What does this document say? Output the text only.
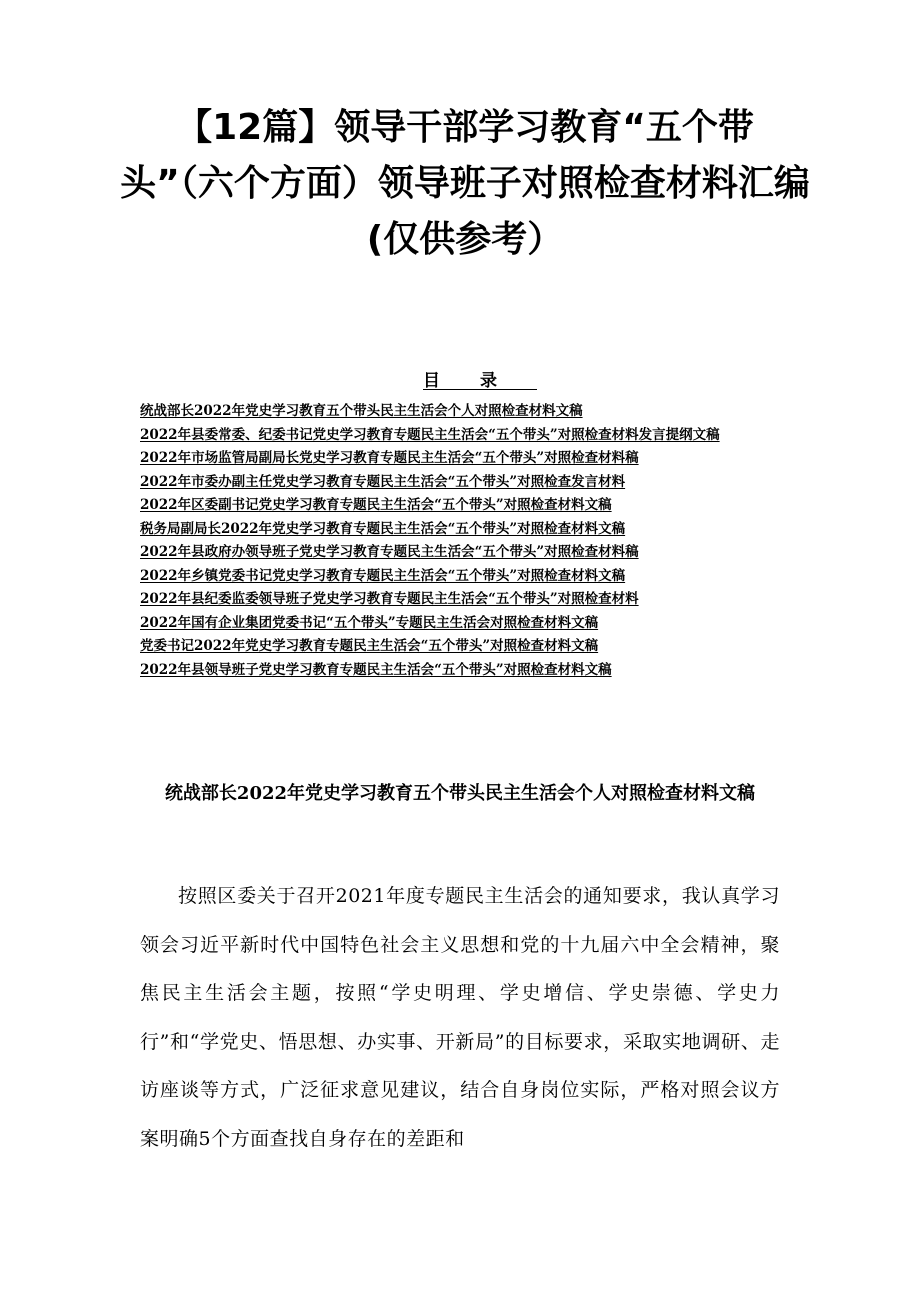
【12篇】领导干部学习教育“五个带头”（六个方面）领导班子对照检查材料汇编(仅供参考）
目录
统战部长2022年党史学习教育五个带头民主生活会个人对照检查材料文稿
2022年县委常委、纪委书记党史学习教育专题民主生活会“五个带头”对照检查材料发言提纲文稿
2022年市场监管局副局长党史学习教育专题民主生活会“五个带头”对照检查材料稿
2022年市委办副主任党史学习教育专题民主生活会“五个带头”对照检查发言材料
2022年区委副书记党史学习教育专题民主生活会“五个带头”对照检查材料文稿
税务局副局长2022年党史学习教育专题民主生活会“五个带头”对照检查材料文稿
2022年县政府办领导班子党史学习教育专题民主生活会“五个带头”对照检查材料稿
2022年乡镇党委书记党史学习教育专题民主生活会“五个带头”对照检查材料文稿
2022年县纪委监委领导班子党史学习教育专题民主生活会“五个带头”对照检查材料
2022年国有企业集团党委书记“五个带头”专题民主生活会对照检查材料文稿
党委书记2022年党史学习教育专题民主生活会“五个带头”对照检查材料文稿
2022年县领导班子党史学习教育专题民主生活会“五个带头”对照检查材料文稿
统战部长2022年党史学习教育五个带头民主生活会个人对照检查材料文稿

按照区委关于召开2021年度专题民主生活会的通知要求，我认真学习领会习近平新时代中国特色社会主义思想和党的十九届六中全会精神，聚焦民主生活会主题，按照“学史明理、学史增信、学史崇德、学史力行”和“学党史、悟思想、办实事、开新局”的目标要求，采取实地调研、走访座谈等方式，广泛征求意见建议，结合自身岗位实际，严格对照会议方案明确5个方面查找自身存在的差距和
